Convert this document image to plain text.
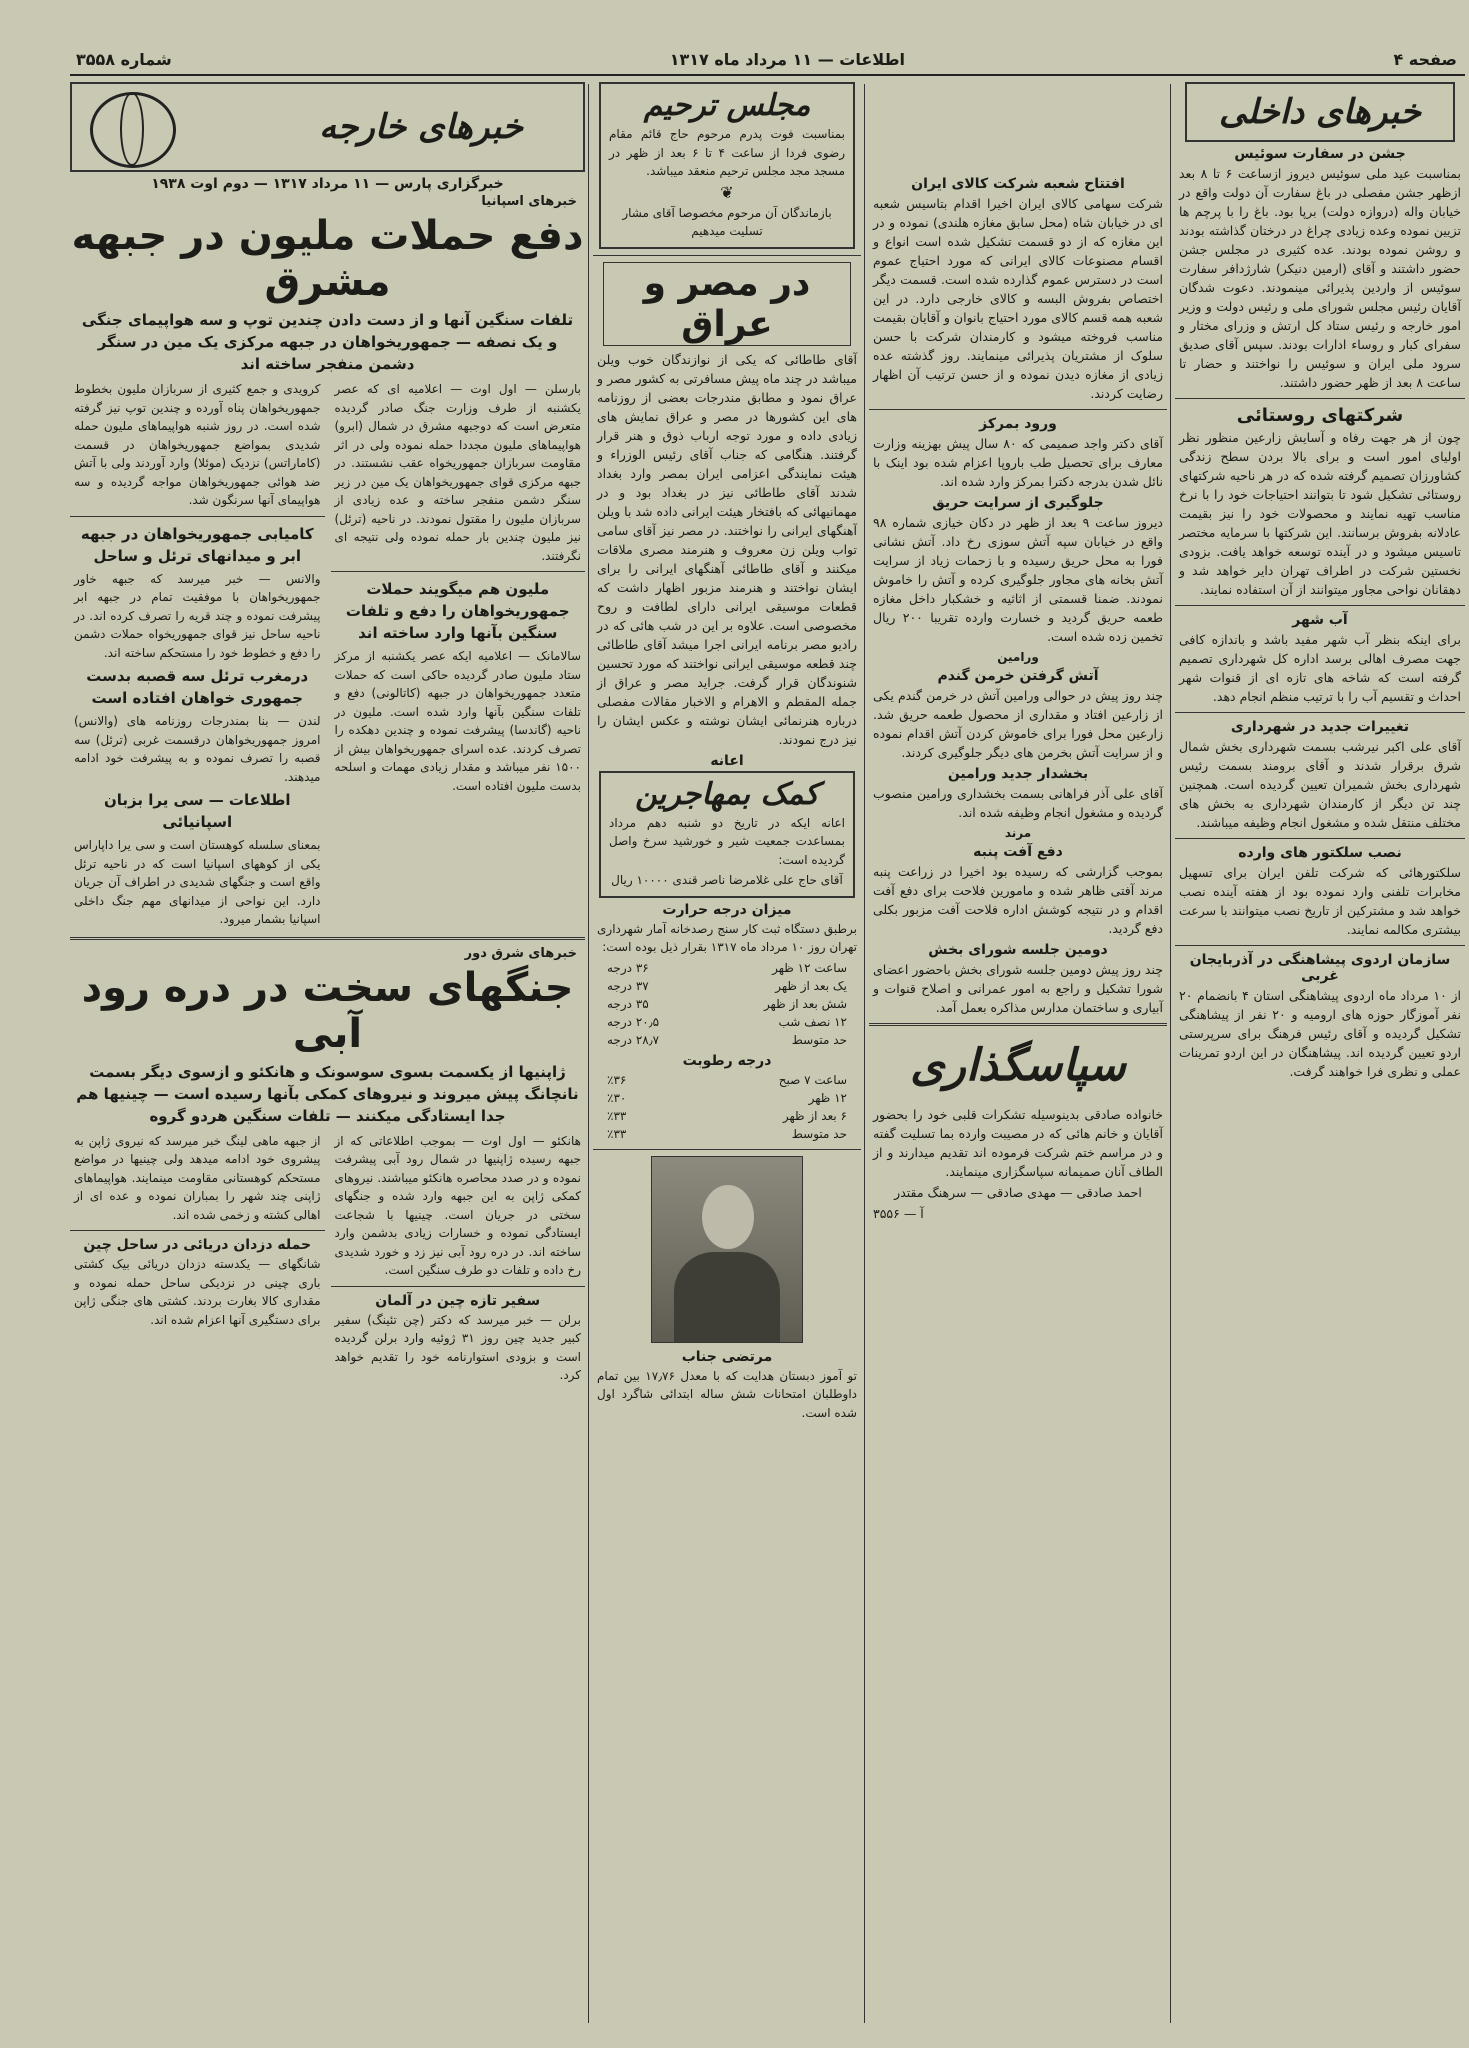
صفحه ۴
اطلاعات — ۱۱ مرداد ماه ۱۳۱۷
شماره ۳۵۵۸
خبرهای داخلی
جشن در سفارت سوئیس
بمناسبت عید ملی سوئیس دیروز ازساعت ۶ تا ۸ بعد ازظهر جشن مفصلی در باغ سفارت آن دولت واقع در خیابان واله (دروازه دولت) برپا بود. باغ را با پرچم ها تزیین نموده وعده زیادی چراغ در درختان گذاشته بودند و روشن نموده بودند. عده کثیری در مجلس جشن حضور داشتند و آقای (ارمین دنیکر) شارژدافر سفارت سوئیس از واردین پذیرائی مینمودند. دعوت شدگان آقایان رئیس مجلس شورای ملی و رئیس دولت و وزیر امور خارجه و رئیس ستاد کل ارتش و وزرای مختار و سفرای کبار و روساء ادارات بودند. سپس آقای صدیق سرود ملی ایران و سوئیس را نواختند و حضار تا ساعت ۸ بعد از ظهر حضور داشتند.
شرکتهای روستائی
چون از هر جهت رفاه و آسایش زارعین منظور نظر اولیای امور است و برای بالا بردن سطح زندگی کشاورزان تصمیم گرفته شده که در هر ناحیه شرکتهای روستائی تشکیل شود تا بتوانند احتیاجات خود را با نرخ مناسب تهیه نمایند و محصولات خود را نیز بقیمت عادلانه بفروش برسانند. این شرکتها با سرمایه مختصر تاسیس میشود و در آینده توسعه خواهد یافت. بزودی نخستین شرکت در اطراف تهران دایر خواهد شد و دهقانان نواحی مجاور میتوانند از آن استفاده نمایند.
آب شهر
برای اینکه بنظر آب شهر مفید باشد و باندازه کافی جهت مصرف اهالی برسد اداره کل شهرداری تصمیم گرفته است که شاخه های تازه ای از قنوات شهر احداث و تقسیم آب را با ترتیب منظم انجام دهد.
تغییرات جدید در شهرداری
آقای علی اکبر نیرشب بسمت شهرداری بخش شمال شرق برقرار شدند و آقای برومند بسمت رئیس شهرداری بخش شمیران تعیین گردیده است. همچنین چند تن دیگر از کارمندان شهرداری به بخش های مختلف منتقل شده و مشغول انجام وظیفه میباشند.
نصب سلکتور های وارده
سلکتورهائی که شرکت تلفن ایران برای تسهیل مخابرات تلفنی وارد نموده بود از هفته آینده نصب خواهد شد و مشترکین از تاریخ نصب میتوانند با سرعت بیشتری مکالمه نمایند.
سازمان اردوی پیشاهنگی در آذربایجان غربی
از ۱۰ مرداد ماه اردوی پیشاهنگی استان ۴ بانضمام ۲۰ نفر آموزگار حوزه های ارومیه و ۲۰ نفر از پیشاهنگی تشکیل گردیده و آقای رئیس فرهنگ برای سرپرستی اردو تعیین گردیده اند. پیشاهنگان در این اردو تمرینات عملی و نظری فرا خواهند گرفت.
افتتاح شعبه شرکت کالای ایران
شرکت سهامی کالای ایران اخیرا اقدام بتاسیس شعبه ای در خیابان شاه (محل سابق مغازه هلندی) نموده و در این مغازه که از دو قسمت تشکیل شده است انواع و اقسام مصنوعات کالای ایرانی که مورد احتیاج عموم است در دسترس عموم گذارده شده است. قسمت دیگر اختصاص بفروش البسه و کالای خارجی دارد. در این شعبه همه قسم کالای مورد احتیاج بانوان و آقایان بقیمت مناسب فروخته میشود و کارمندان شرکت با حسن سلوک از مشتریان پذیرائی مینمایند. روز گذشته عده زیادی از مغازه دیدن نموده و از حسن ترتیب آن اظهار رضایت کردند.
ورود بمرکز
آقای دکتر واجد صمیمی که ۸۰ سال پیش بهزینه وزارت معارف برای تحصیل طب باروپا اعزام شده بود اینک با نائل شدن بدرجه دکترا بمرکز وارد شده اند.
جلوگیری از سرایت حریق
دیروز ساعت ۹ بعد از ظهر در دکان خیازی شماره ۹۸ واقع در خیابان سپه آتش سوزی رخ داد. آتش نشانی فورا به محل حریق رسیده و با زحمات زیاد از سرایت آتش بخانه های مجاور جلوگیری کرده و آتش را خاموش نمودند. ضمنا قسمتی از اثاثیه و خشکبار داخل مغازه طعمه حریق گردید و خسارت وارده تقریبا ۲۰۰ ریال تخمین زده شده است.
ورامین
آتش گرفتن خرمن گندم
چند روز پیش در حوالی ورامین آتش در خرمن گندم یکی از زارعین افتاد و مقداری از محصول طعمه حریق شد. زارعین محل فورا برای خاموش کردن آتش اقدام نموده و از سرایت آتش بخرمن های دیگر جلوگیری کردند.
بخشدار جدید ورامین
آقای علی آذر فراهانی بسمت بخشداری ورامین منصوب گردیده و مشغول انجام وظیفه شده اند.
مرند
دفع آفت پنبه
بموجب گزارشی که رسیده بود اخیرا در زراعت پنبه مرند آفتی ظاهر شده و مامورین فلاحت برای دفع آفت اقدام و در نتیجه کوشش اداره فلاحت آفت مزبور بکلی دفع گردید.
دومین جلسه شورای بخش
چند روز پیش دومین جلسه شورای بخش باحضور اعضای شورا تشکیل و راجع به امور عمرانی و اصلاح قنوات و آبیاری و ساختمان مدارس مذاکره بعمل آمد.
سپاسگذاری
خانواده صادقی بدینوسیله تشکرات قلبی خود را بحضور آقایان و خانم هائی که در مصیبت وارده بما تسلیت گفته و در مراسم ختم شرکت فرموده اند تقدیم میدارند و از الطاف آنان صمیمانه سپاسگزاری مینمایند.
احمد صادقی — مهدی صادقی — سرهنگ مقتدر
آ — ۳۵۵۶
مجلس ترحیم
بمناسبت فوت پدرم مرحوم حاج قائم مقام رضوی فردا از ساعت ۴ تا ۶ بعد از ظهر در مسجد مجد مجلس ترحیم منعقد میباشد.
❦
بازماندگان آن مرحوم مخصوصا آقای مشار تسلیت میدهیم
در مصر و عراق
آقای طاطائی که یکی از نوازندگان خوب ویلن میباشد در چند ماه پیش مسافرتی به کشور مصر و عراق نمود و مطابق مندرجات بعضی از روزنامه های این کشورها در مصر و عراق نمایش های زیادی داده و مورد توجه ارباب ذوق و هنر قرار گرفتند. هنگامی که جناب آقای رئیس الوزراء و هیئت نمایندگی اعزامی ایران بمصر وارد بغداد شدند آقای طاطائی نیز در بغداد بود و در مهمانیهائی که بافتخار هیئت ایرانی داده شد با ویلن آهنگهای ایرانی را نواختند. در مصر نیز آقای سامی تواب ویلن زن معروف و هنرمند مصری ملاقات میکنند و آقای طاطائی آهنگهای ایرانی را برای ایشان نواختند و هنرمند مزبور اظهار داشت که قطعات موسیقی ایرانی دارای لطافت و روح مخصوصی است. علاوه بر این در شب هائی که در رادیو مصر برنامه ایرانی اجرا میشد آقای طاطائی چند قطعه موسیقی ایرانی نواختند که مورد تحسین شنوندگان قرار گرفت. جراید مصر و عراق از جمله المقطم و الاهرام و الاخبار مقالات مفصلی درباره هنرنمائی ایشان نوشته و عکس ایشان را نیز درج نمودند.
اعانه
کمک بمهاجرین
اعانه ایکه در تاریخ دو شنبه دهم مرداد بمساعدت جمعیت شیر و خورشید سرخ واصل گردیده است:
آقای حاج علی غلامرضا ناصر قندی ۱۰۰۰۰ ریال
میزان درجه حرارت
برطبق دستگاه ثبت کار سنج رصدخانه آمار شهرداری تهران روز ۱۰ مرداد ماه ۱۳۱۷ بقرار ذیل بوده است:
ساعت ۱۲ ظهر
۳۶ درجه
یک بعد از ظهر
۳۷ درجه
شش بعد از ظهر
۳۵ درجه
۱۲ نصف شب
۲۰٫۵ درجه
حد متوسط
۲۸٫۷ درجه
درجه رطوبت
ساعت ۷ صبح
٪۳۶
۱۲ ظهر
٪۳۰
۶ بعد از ظهر
٪۳۳
حد متوسط
٪۳۳
مرتضی جناب
تو آموز دبستان هدایت که با معدل ۱۷٫۷۶ بین تمام داوطلبان امتحانات شش ساله ابتدائی شاگرد اول شده است.
خبرهای خارجه
خبرگزاری پارس — ۱۱ مرداد ۱۳۱۷ — دوم اوت ۱۹۳۸
خبرهای اسپانیا
دفع حملات ملیون در جبهه مشرق
تلفات سنگین آنها و از دست دادن چندین توپ و سه هواپیمای جنگی و یک نصفه — جمهوریخواهان در جبهه مرکزی یک مین در سنگر دشمن منفجر ساخته اند
بارسلن — اول اوت — اعلامیه ای که عصر یکشنبه از طرف وزارت جنگ صادر گردیده متعرض است که دوجبهه مشرق در شمال (ابرو) هواپیماهای ملیون مجددا حمله نموده ولی در اثر مقاومت سربازان جمهوریخواه عقب نشستند. در جبهه مرکزی قوای جمهوریخواهان یک مین در زیر سنگر دشمن منفجر ساخته و عده زیادی از سربازان ملیون را مقتول نمودند. در ناحیه (ترئل) نیز ملیون چندین بار حمله نموده ولی نتیجه ای نگرفتند.
ملیون هم میگویند حملات جمهوریخواهان را دفع و تلفات سنگین بآنها وارد ساخته اند
سالامانک — اعلامیه ایکه عصر یکشنبه از مرکز ستاد ملیون صادر گردیده حاکی است که حملات متعدد جمهوریخواهان در جبهه (کاتالونی) دفع و تلفات سنگین بآنها وارد شده است. ملیون در ناحیه (گاندسا) پیشرفت نموده و چندین دهکده را تصرف کردند. عده اسرای جمهوریخواهان بیش از ۱۵۰۰ نفر میباشد و مقدار زیادی مهمات و اسلحه بدست ملیون افتاده است.
کرویدی و جمع کثیری از سربازان ملیون بخطوط جمهوریخواهان پناه آورده و چندین توپ نیز گرفته شده است. در روز شنبه هواپیماهای ملیون حمله شدیدی بمواضع جمهوریخواهان در قسمت (کاماراتس) نزدیک (موئلا) وارد آوردند ولی با آتش ضد هوائی جمهوریخواهان مواجه گردیده و سه هواپیمای آنها سرنگون شد.
کامیابی جمهوریخواهان در جبهه ابر و میدانهای ترئل و ساحل
والانس — خبر میرسد که جبهه خاور جمهوریخواهان با موفقیت تمام در جبهه ابر پیشرفت نموده و چند قریه را تصرف کرده اند. در ناحیه ساحل نیز قوای جمهوریخواه حملات دشمن را دفع و خطوط خود را مستحکم ساخته اند.
درمغرب ترئل سه قصبه بدست جمهوری خواهان افتاده است
لندن — بنا بمندرجات روزنامه های (والانس) امروز جمهوریخواهان درقسمت غربی (ترئل) سه قصبه را تصرف نموده و به پیشرفت خود ادامه میدهند.
اطلاعات — سی یرا بزبان اسپانیائی
بمعنای سلسله کوهستان است و سی یرا داپاراس یکی از کوههای اسپانیا است که در ناحیه ترئل واقع است و جنگهای شدیدی در اطراف آن جریان دارد. این نواحی از میدانهای مهم جنگ داخلی اسپانیا بشمار میرود.
خبرهای شرق دور
جنگهای سخت در دره رود آبی
ژاپنیها از یکسمت بسوی سوسونک و هانکئو و ازسوی دیگر بسمت نانچانگ پیش میروند و نیروهای کمکی بآنها رسیده است — چینیها هم جدا ایستادگی میکنند — تلفات سنگین هردو گروه
هانکئو — اول اوت — بموجب اطلاعاتی که از جبهه رسیده ژاپنیها در شمال رود آبی پیشرفت نموده و در صدد محاصره هانکئو میباشند. نیروهای کمکی ژاپن به این جبهه وارد شده و جنگهای سختی در جریان است. چینیها با شجاعت ایستادگی نموده و خسارات زیادی بدشمن وارد ساخته اند. در دره رود آبی نیز زد و خورد شدیدی رخ داده و تلفات دو طرف سنگین است.
سفیر تازه چین در آلمان
برلن — خبر میرسد که دکتر (چن تئینگ) سفیر کبیر جدید چین روز ۳۱ ژوئیه وارد برلن گردیده است و بزودی استوارنامه خود را تقدیم خواهد کرد.
از جبهه ماهی لینگ خبر میرسد که نیروی ژاپن به پیشروی خود ادامه میدهد ولی چینیها در مواضع مستحکم کوهستانی مقاومت مینمایند. هواپیماهای ژاپنی چند شهر را بمباران نموده و عده ای از اهالی کشته و زخمی شده اند.
حمله دزدان دریائی در ساحل چین
شانگهای — یکدسته دزدان دریائی بیک کشتی باری چینی در نزدیکی ساحل حمله نموده و مقداری کالا بغارت بردند. کشتی های جنگی ژاپن برای دستگیری آنها اعزام شده اند.
